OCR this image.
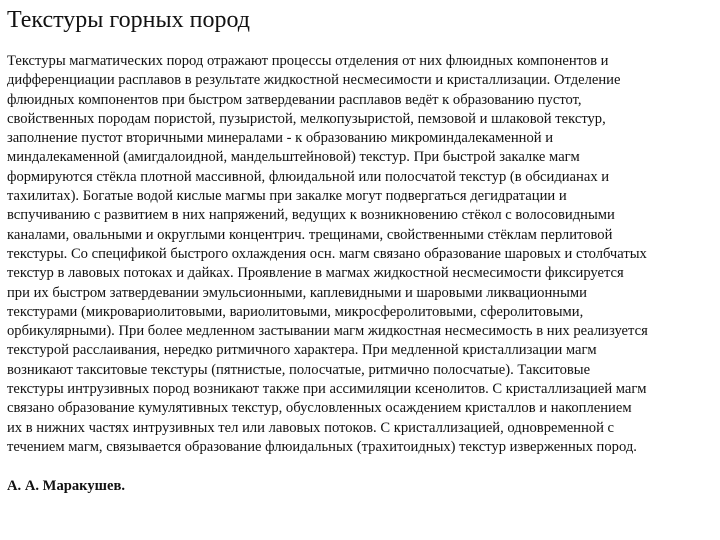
Текстуры горных пород
Текстуры магматических пород отражают процессы отделения от них флюидных компонентов и
дифференциации расплавов в результате жидкостной несмесимости и кристаллизации. Отделение
флюидных компонентов при быстром затвердевании расплавов ведёт к образованию пустот,
свойственных породам пористой, пузыристой, мелкопузыристой, пемзовой и шлаковой текстур,
заполнение пустот вторичными минералами - к образованию микроминдалекаменной и
миндалекаменной (амигдалоидной, мандельштейновой) текстур. При быстрой закалке магм
формируются стёкла плотной массивной, флюидальной или полосчатой текстур (в обсидианах и
тахилитах). Богатые водой кислые магмы при закалке могут подвергаться дегидратации и
вспучиванию с развитием в них напряжений, ведущих к возникновению стёкол с волосовидными
каналами, овальными и округлыми концентрич. трещинами, свойственными стёклам перлитовой
текстуры. Со спецификой быстрого охлаждения осн. магм связано образование шаровых и столбчатых
текстур в лавовых потоках и дайках. Проявление в магмах жидкостной несмесимости фиксируется
при их быстром затвердевании эмульсионными, каплевидными и шаровыми ликвационными
текстурами (микровариолитовыми, вариолитовыми, микросферолитовыми, сферолитовыми,
орбикулярными). При более медленном застывании магм жидкостная несмесимость в них реализуется
текстурой расслаивания, нередко ритмичного характера. При медленной кристаллизации магм
возникают такситовые текстуры (пятнистые, полосчатые, ритмично полосчатые). Такситовые
текстуры интрузивных пород возникают также при ассимиляции ксенолитов. С кристаллизацией магм
связано образование кумулятивных текстур, обусловленных осаждением кристаллов и накоплением
их в нижних частях интрузивных тел или лавовых потоков. С кристаллизацией, одновременной с
течением магм, связывается образование флюидальных (трахитоидных) текстур изверженных пород.

А. А. Маракушев.
